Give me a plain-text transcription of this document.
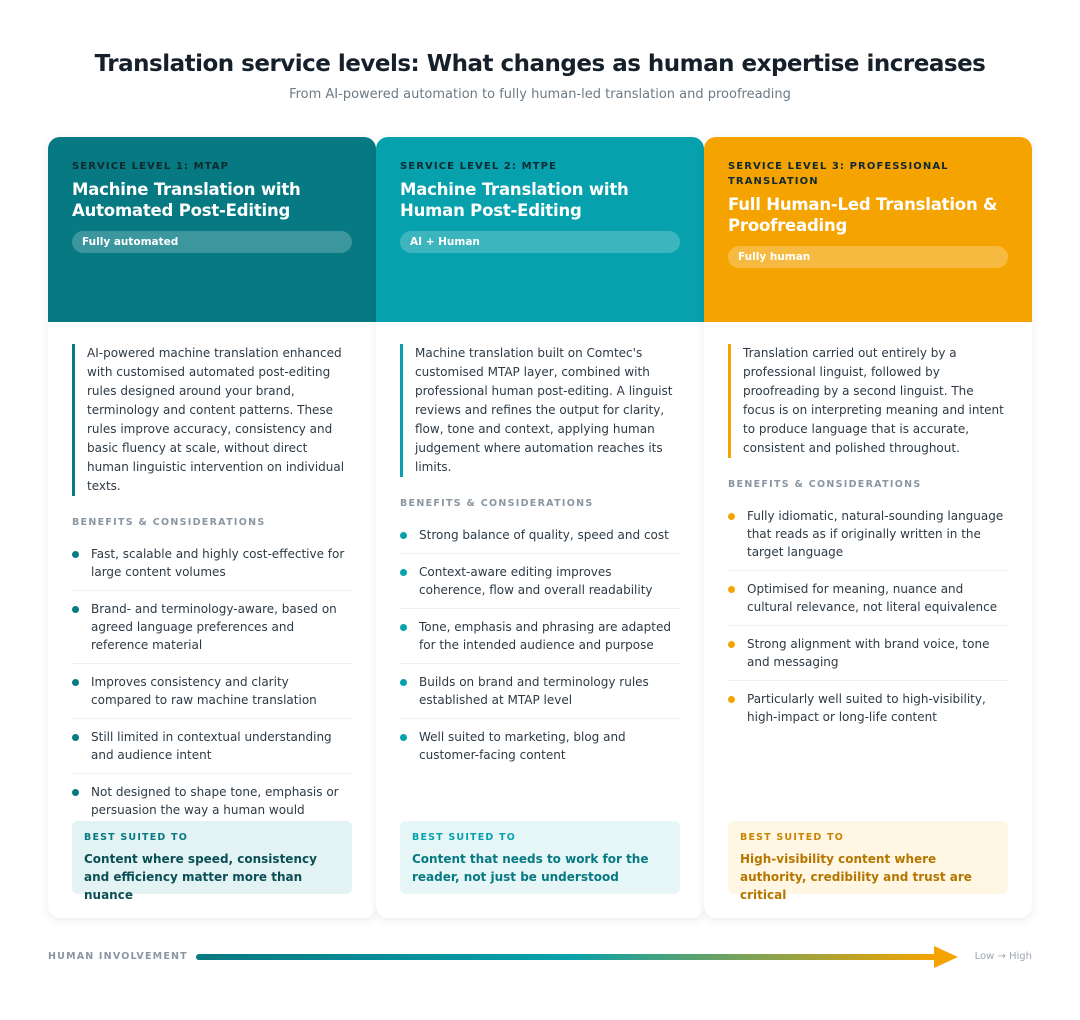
Translation service levels: What changes as human expertise increases
From AI-powered automation to fully human-led translation and proofreading
SERVICE LEVEL 1: MTAP
Machine Translation with Automated Post-Editing
Fully automated
AI-powered machine translation enhanced with customised automated post-editing rules designed around your brand, terminology and content patterns. These rules improve accuracy, consistency and basic fluency at scale, without direct human linguistic intervention on individual texts.
BENEFITS & CONSIDERATIONS
Fast, scalable and highly cost-effective for large content volumes
Brand- and terminology-aware, based on agreed language preferences and reference material
Improves consistency and clarity compared to raw machine translation
Still limited in contextual understanding and audience intent
Not designed to shape tone, emphasis or persuasion the way a human would
BEST SUITED TO
Content where speed, consistency and efficiency matter more than nuance
SERVICE LEVEL 2: MTPE
Machine Translation with Human Post-Editing
AI + Human
Machine translation built on Comtec's customised MTAP layer, combined with professional human post-editing. A linguist reviews and refines the output for clarity, flow, tone and context, applying human judgement where automation reaches its limits.
BENEFITS & CONSIDERATIONS
Strong balance of quality, speed and cost
Context-aware editing improves coherence, flow and overall readability
Tone, emphasis and phrasing are adapted for the intended audience and purpose
Builds on brand and terminology rules established at MTAP level
Well suited to marketing, blog and customer-facing content
BEST SUITED TO
Content that needs to work for the reader, not just be understood
SERVICE LEVEL 3: PROFESSIONAL TRANSLATION
Full Human-Led Translation & Proofreading
Fully human
Translation carried out entirely by a professional linguist, followed by proofreading by a second linguist. The focus is on interpreting meaning and intent to produce language that is accurate, consistent and polished throughout.
BENEFITS & CONSIDERATIONS
Fully idiomatic, natural-sounding language that reads as if originally written in the target language
Optimised for meaning, nuance and cultural relevance, not literal equivalence
Strong alignment with brand voice, tone and messaging
Particularly well suited to high-visibility, high-impact or long-life content
BEST SUITED TO
High-visibility content where authority, credibility and trust are critical
HUMAN INVOLVEMENT	Low → High
